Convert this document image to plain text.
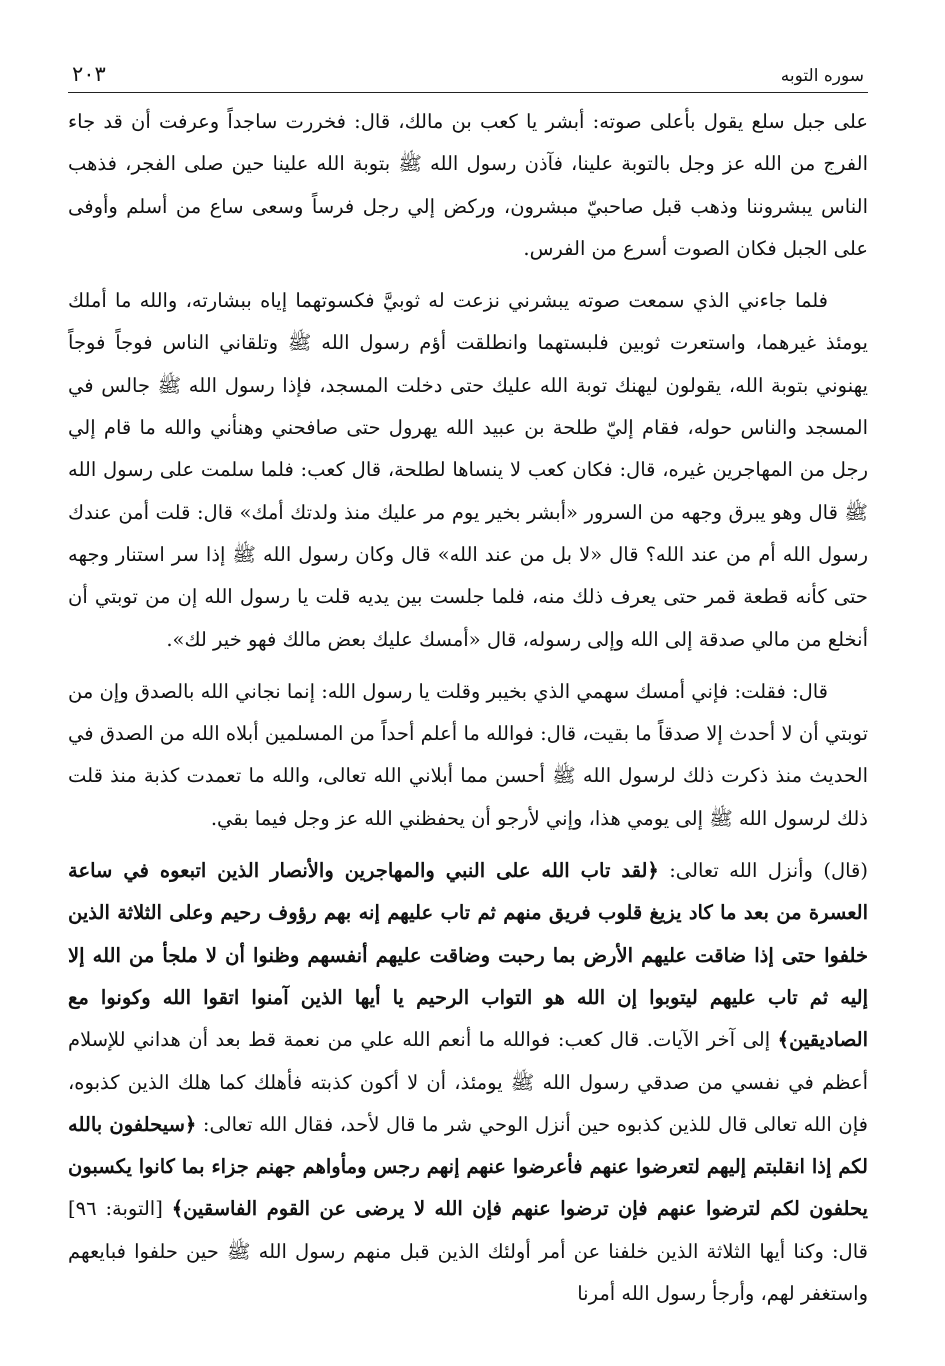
سوره التوبه
٢٠٣

على جبل سلع يقول بأعلى صوته: أبشر يا كعب بن مالك، قال: فخررت ساجداً وعرفت أن قد جاء الفرج من الله عز وجل بالتوبة علينا، فآذن رسول الله ﷺ بتوبة الله علينا حين صلى الفجر، فذهب الناس يبشروننا وذهب قبل صاحبيّ مبشرون، وركض إلي رجل فرساً وسعى ساع من أسلم وأوفى على الجبل فكان الصوت أسرع من الفرس.

فلما جاءني الذي سمعت صوته يبشرني نزعت له ثوبيَّ فكسوتهما إياه ببشارته، والله ما أملك يومئذ غيرهما، واستعرت ثوبين فلبستهما وانطلقت أؤم رسول الله ﷺ وتلقاني الناس فوجاً فوجاً يهنوني بتوبة الله، يقولون ليهنك توبة الله عليك حتى دخلت المسجد، فإذا رسول الله ﷺ جالس في المسجد والناس حوله، فقام إليّ طلحة بن عبيد الله يهرول حتى صافحني وهنأني والله ما قام إلي رجل من المهاجرين غيره، قال: فكان كعب لا ينساها لطلحة، قال كعب: فلما سلمت على رسول الله ﷺ قال وهو يبرق وجهه من السرور «أبشر بخير يوم مر عليك منذ ولدتك أمك» قال: قلت أمن عندك رسول الله أم من عند الله؟ قال «لا بل من عند الله» قال وكان رسول الله ﷺ إذا سر استنار وجهه حتى كأنه قطعة قمر حتى يعرف ذلك منه، فلما جلست بين يديه قلت يا رسول الله إن من توبتي أن أنخلع من مالي صدقة إلى الله وإلى رسوله، قال «أمسك عليك بعض مالك فهو خير لك».

قال: فقلت: فإني أمسك سهمي الذي بخيبر وقلت يا رسول الله: إنما نجاني الله بالصدق وإن من توبتي أن لا أحدث إلا صدقاً ما بقيت، قال: فوالله ما أعلم أحداً من المسلمين أبلاه الله من الصدق في الحديث منذ ذكرت ذلك لرسول الله ﷺ أحسن مما أبلاني الله تعالى، والله ما تعمدت كذبة منذ قلت ذلك لرسول الله ﷺ إلى يومي هذا، وإني لأرجو أن يحفظني الله عز وجل فيما بقي.

(قال) وأنزل الله تعالى: ﴿لقد تاب الله على النبي والمهاجرين والأنصار الذين اتبعوه في ساعة العسرة من بعد ما كاد يزيغ قلوب فريق منهم ثم تاب عليهم إنه بهم رؤوف رحيم وعلى الثلاثة الذين خلفوا حتى إذا ضاقت عليهم الأرض بما رحبت وضاقت عليهم أنفسهم وظنوا أن لا ملجأ من الله إلا إليه ثم تاب عليهم ليتوبوا إن الله هو التواب الرحيم يا أيها الذين آمنوا اتقوا الله وكونوا مع الصاديقين﴾ إلى آخر الآيات. قال كعب: فوالله ما أنعم الله علي من نعمة قط بعد أن هداني للإسلام أعظم في نفسي من صدقي رسول الله ﷺ يومئذ، أن لا أكون كذبته فأهلك كما هلك الذين كذبوه، فإن الله تعالى قال للذين كذبوه حين أنزل الوحي شر ما قال لأحد، فقال الله تعالى: ﴿سيحلفون بالله لكم إذا انقلبتم إليهم لتعرضوا عنهم فأعرضوا عنهم إنهم رجس ومأواهم جهنم جزاء بما كانوا يكسبون يحلفون لكم لترضوا عنهم فإن ترضوا عنهم فإن الله لا يرضى عن القوم الفاسقين﴾ [التوبة: ٩٦] قال: وكنا أيها الثلاثة الذين خلفنا عن أمر أولئك الذين قبل منهم رسول الله ﷺ حين حلفوا فبايعهم واستغفر لهم، وأرجأ رسول الله أمرنا
